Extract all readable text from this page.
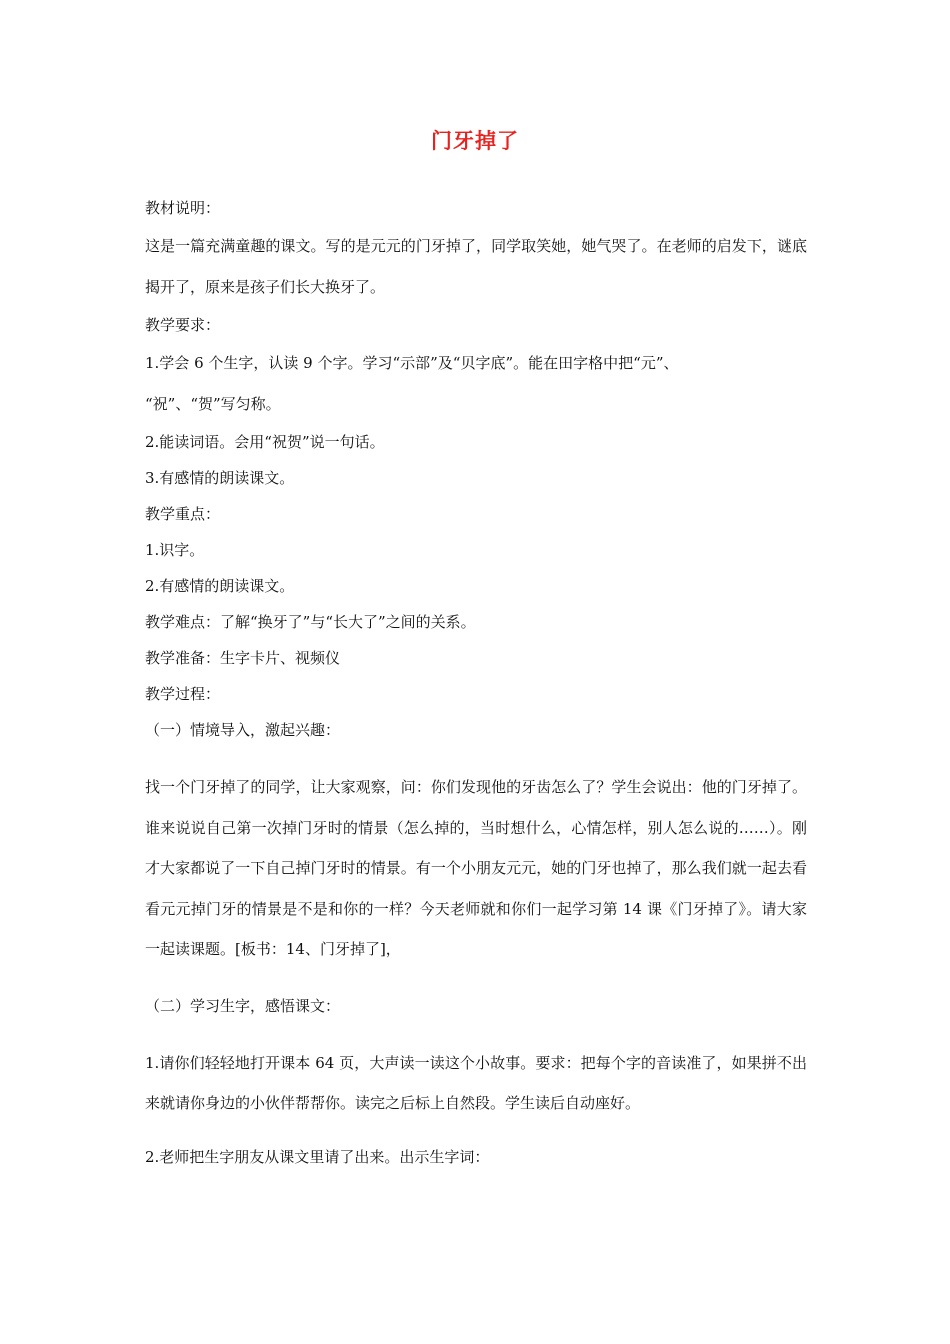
门牙掉了

教材说明：

这是一篇充满童趣的课文。写的是元元的门牙掉了，同学取笑她，她气哭了。在老师的启发下，谜底揭开了，原来是孩子们长大换牙了。

教学要求：

1.学会 6 个生字，认读 9 个字。学习“示部”及“贝字底”。能在田字格中把“元”、

“祝”、“贺”写匀称。

2.能读词语。会用“祝贺”说一句话。

3.有感情的朗读课文。

教学重点：

1.识字。

2.有感情的朗读课文。

教学难点：了解“换牙了”与“长大了”之间的关系。

教学准备：生字卡片、视频仪

教学过程：

（一）情境导入，激起兴趣：

找一个门牙掉了的同学，让大家观察，问：你们发现他的牙齿怎么了？学生会说出：他的门牙掉了。谁来说说自己第一次掉门牙时的情景（怎么掉的，当时想什么，心情怎样，别人怎么说的……）。刚才大家都说了一下自己掉门牙时的情景。有一个小朋友元元，她的门牙也掉了，那么我们就一起去看看元元掉门牙的情景是不是和你的一样？今天老师就和你们一起学习第 14 课《门牙掉了》。请大家一起读课题。[板书：14、门牙掉了]，

（二）学习生字，感悟课文：

1.请你们轻轻地打开课本 64 页，大声读一读这个小故事。要求：把每个字的音读准了，如果拼不出来就请你身边的小伙伴帮帮你。读完之后标上自然段。学生读后自动座好。

2.老师把生字朋友从课文里请了出来。出示生字词：
